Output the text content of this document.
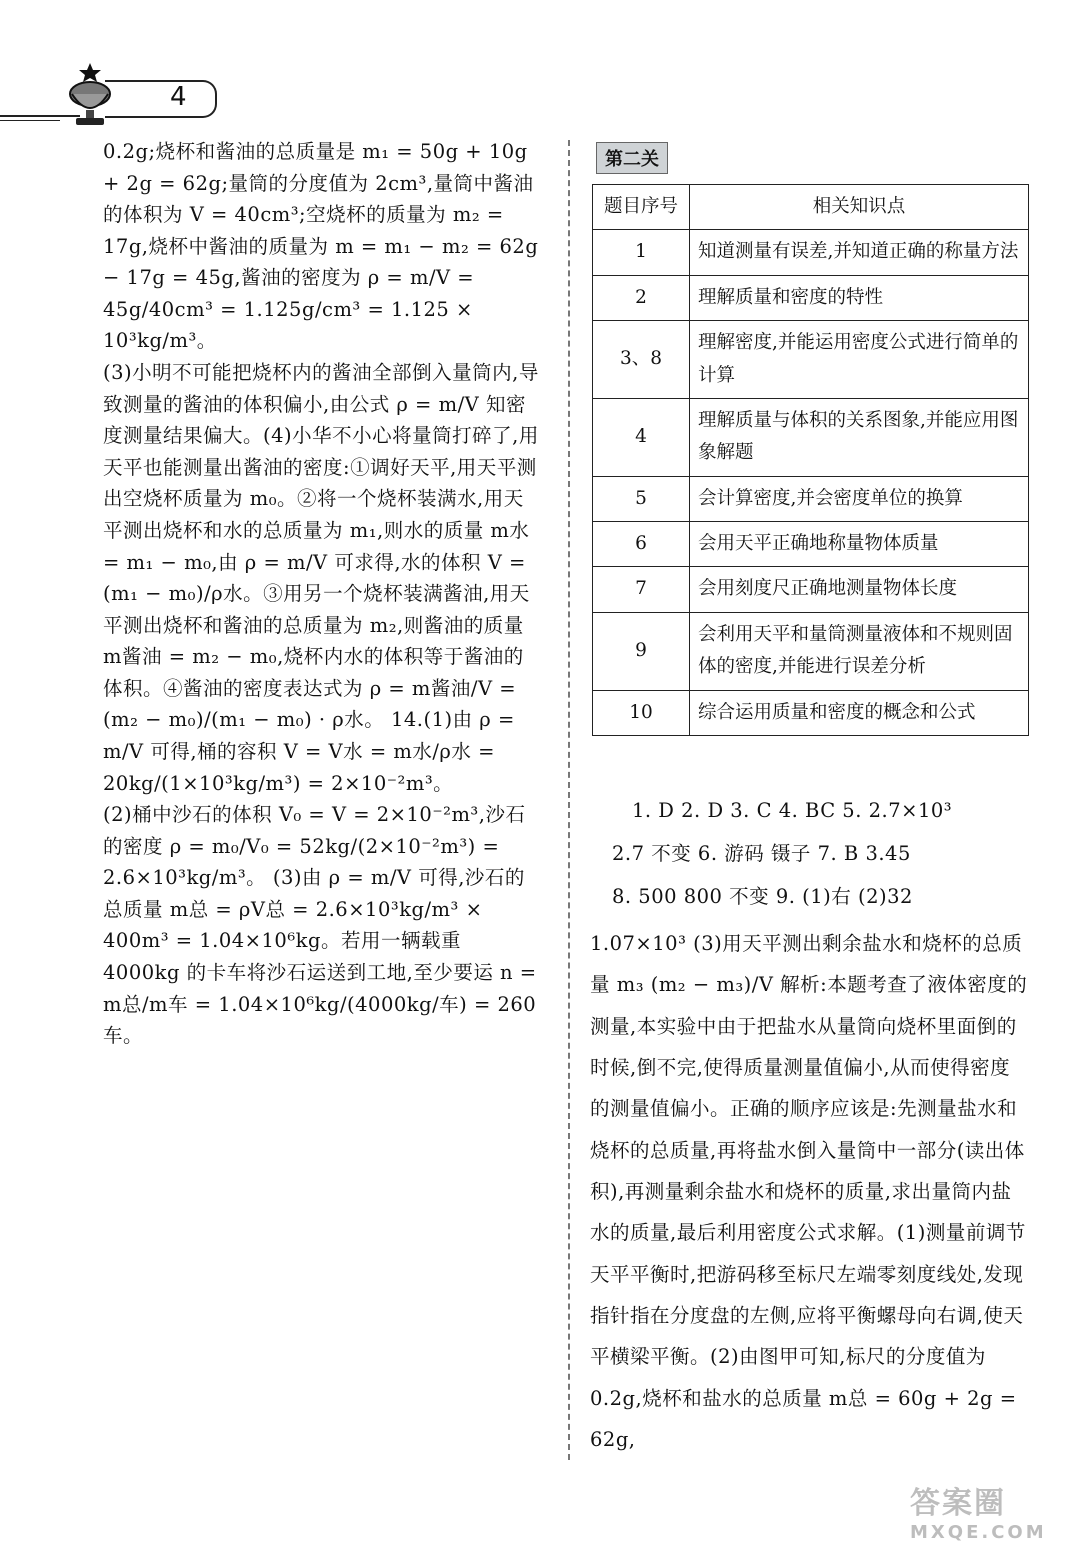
4

0.2g;烧杯和酱油的总质量是 m₁ = 50g + 10g + 2g = 62g;量筒的分度值为 2cm³,量筒中酱油的体积为 V = 40cm³;空烧杯的质量为 m₂ = 17g,烧杯中酱油的质量为 m = m₁ − m₂ = 62g − 17g = 45g,酱油的密度为 ρ = m/V = 45g/40cm³ = 1.125g/cm³ = 1.125 × 10³kg/m³。

(3)小明不可能把烧杯内的酱油全部倒入量筒内,导致测量的酱油的体积偏小,由公式 ρ = m/V 知密度测量结果偏大。(4)小华不小心将量筒打碎了,用天平也能测量出酱油的密度:①调好天平,用天平测出空烧杯质量为 m₀。②将一个烧杯装满水,用天平测出烧杯和水的总质量为 m₁,则水的质量 m水 = m₁ − m₀,由 ρ = m/V 可求得,水的体积 V = (m₁ − m₀)/ρ水。③用另一个烧杯装满酱油,用天平测出烧杯和酱油的总质量为 m₂,则酱油的质量 m酱油 = m₂ − m₀,烧杯内水的体积等于酱油的体积。④酱油的密度表达式为 ρ = m酱油/V = (m₂ − m₀)/(m₁ − m₀) · ρ水。 14.(1)由 ρ = m/V 可得,桶的容积 V = V水 = m水/ρ水 = 20kg/(1×10³kg/m³) = 2×10⁻²m³。

(2)桶中沙石的体积 V₀ = V = 2×10⁻²m³,沙石的密度 ρ = m₀/V₀ = 52kg/(2×10⁻²m³) = 2.6×10³kg/m³。 (3)由 ρ = m/V 可得,沙石的总质量 m总 = ρV总 = 2.6×10³kg/m³ × 400m³ = 1.04×10⁶kg。若用一辆载重 4000kg 的卡车将沙石运送到工地,至少要运 n = m总/m车 = 1.04×10⁶kg/(4000kg/车) = 260 车。

第二关
题目序号	相关知识点
1	知道测量有误差,并知道正确的称量方法
2	理解质量和密度的特性
3、8	理解密度,并能运用密度公式进行简单的计算
4	理解质量与体积的关系图象,并能应用图象解题
5	会计算密度,并会密度单位的换算
6	会用天平正确地称量物体质量
7	会用刻度尺正确地测量物体长度
9	会利用天平和量筒测量液体和不规则固体的密度,并能进行误差分析
10	综合运用质量和密度的概念和公式
1. D 2. D 3. C 4. BC 5. 2.7×10³
2.7 不变 6. 游码 镊子 7. B 3.45
8. 500 800 不变 9. (1)右 (2)32
1.07×10³ (3)用天平测出剩余盐水和烧杯的总质量 m₃ (m₂ − m₃)/V 解析:本题考查了液体密度的测量,本实验中由于把盐水从量筒向烧杯里面倒的时候,倒不完,使得质量测量值偏小,从而使得密度的测量值偏小。正确的顺序应该是:先测量盐水和烧杯的总质量,再将盐水倒入量筒中一部分(读出体积),再测量剩余盐水和烧杯的质量,求出量筒内盐水的质量,最后利用密度公式求解。(1)测量前调节天平平衡时,把游码移至标尺左端零刻度线处,发现指针指在分度盘的左侧,应将平衡螺母向右调,使天平横梁平衡。(2)由图甲可知,标尺的分度值为 0.2g,烧杯和盐水的总质量 m总 = 60g + 2g = 62g,
答案圈
MXQE.COM
